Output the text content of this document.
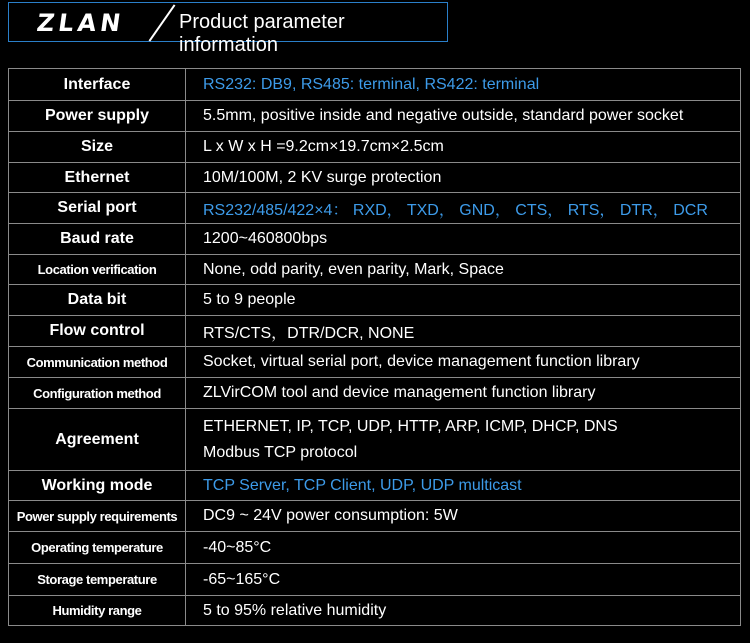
ZLAN	Product parameter information
Interface	RS232: DB9, RS485: terminal, RS422: terminal
Power supply	5.5mm, positive inside and negative outside, standard power socket
Size	L x W x H =9.2cm×19.7cm×2.5cm
Ethernet	10M/100M, 2 KV surge protection
Serial port	RS232/485/422×4： RXD， TXD， GND， CTS， RTS， DTR， DCR
Baud rate	1200~460800bps
Location verification	None, odd parity, even parity, Mark, Space
Data bit	5 to 9 people
Flow control	RTS/CTS，DTR/DCR, NONE
Communication method	Socket, virtual serial port, device management function library
Configuration method	ZLVirCOM tool and device management function library
Agreement	ETHERNET, IP, TCP, UDP, HTTP, ARP, ICMP, DHCP, DNS
Modbus TCP protocol

Working mode	TCP Server, TCP Client, UDP, UDP multicast
Power supply requirements	DC9 ~ 24V power consumption: 5W
Operating temperature	-40~85°C
Storage temperature	-65~165°C
Humidity range	5 to 95% relative humidity
